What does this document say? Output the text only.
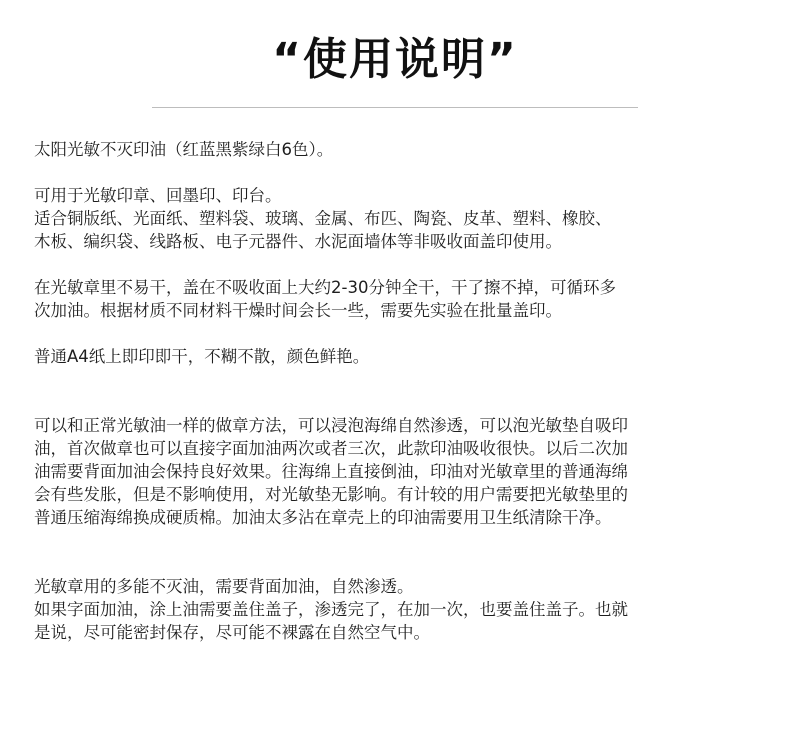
“使用说明”

太阳光敏不灭印油（红蓝黑紫绿白6色）。

可用于光敏印章、回墨印、印台。
适合铜版纸、光面纸、塑料袋、玻璃、金属、布匹、陶瓷、皮革、塑料、橡胶、
木板、编织袋、线路板、电子元器件、水泥面墙体等非吸收面盖印使用。

在光敏章里不易干，盖在不吸收面上大约2-30分钟全干，干了擦不掉，可循环多
次加油。根据材质不同材料干燥时间会长一些，需要先实验在批量盖印。

普通A4纸上即印即干，不糊不散，颜色鲜艳。

可以和正常光敏油一样的做章方法，可以浸泡海绵自然渗透，可以泡光敏垫自吸印
油，首次做章也可以直接字面加油两次或者三次，此款印油吸收很快。以后二次加
油需要背面加油会保持良好效果。往海绵上直接倒油，印油对光敏章里的普通海绵
会有些发胀，但是不影响使用，对光敏垫无影响。有计较的用户需要把光敏垫里的
普通压缩海绵换成硬质棉。加油太多沾在章壳上的印油需要用卫生纸清除干净。

光敏章用的多能不灭油，需要背面加油，自然渗透。
如果字面加油，涂上油需要盖住盖子，渗透完了，在加一次，也要盖住盖子。也就
是说，尽可能密封保存，尽可能不裸露在自然空气中。
